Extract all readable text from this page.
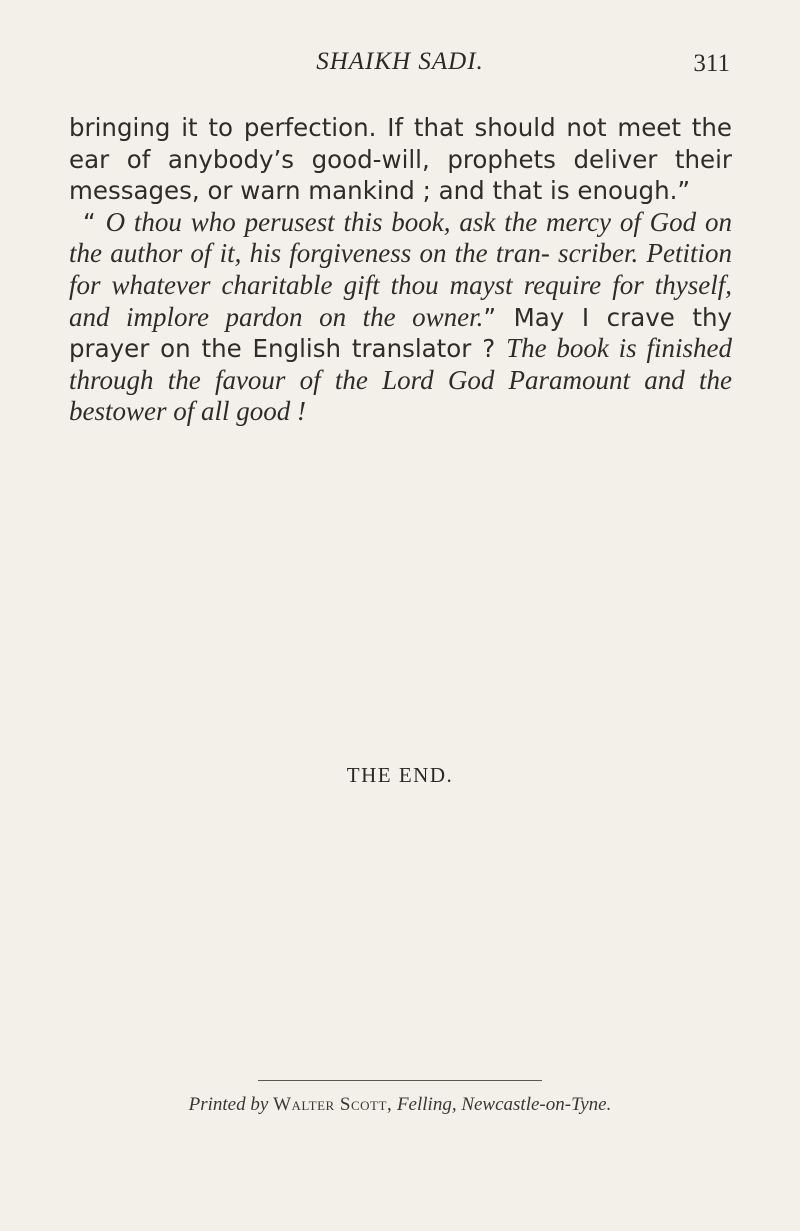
SHAIKH SADI.	311

bringing it to perfection. If that should not meet the ear of anybody’s good-will, prophets deliver their messages, or warn mankind ; and that is enough.”

“ O thou who perusest this book, ask the mercy of God on the author of it, his forgiveness on the tran- scriber. Petition for whatever charitable gift thou mayst require for thyself, and implore pardon on the owner.” May I crave thy prayer on the English translator ? The book is finished through the favour of the Lord God Paramount and the bestower of all good !

THE END.
Printed by Walter Scott, Felling, Newcastle-on-Tyne.
